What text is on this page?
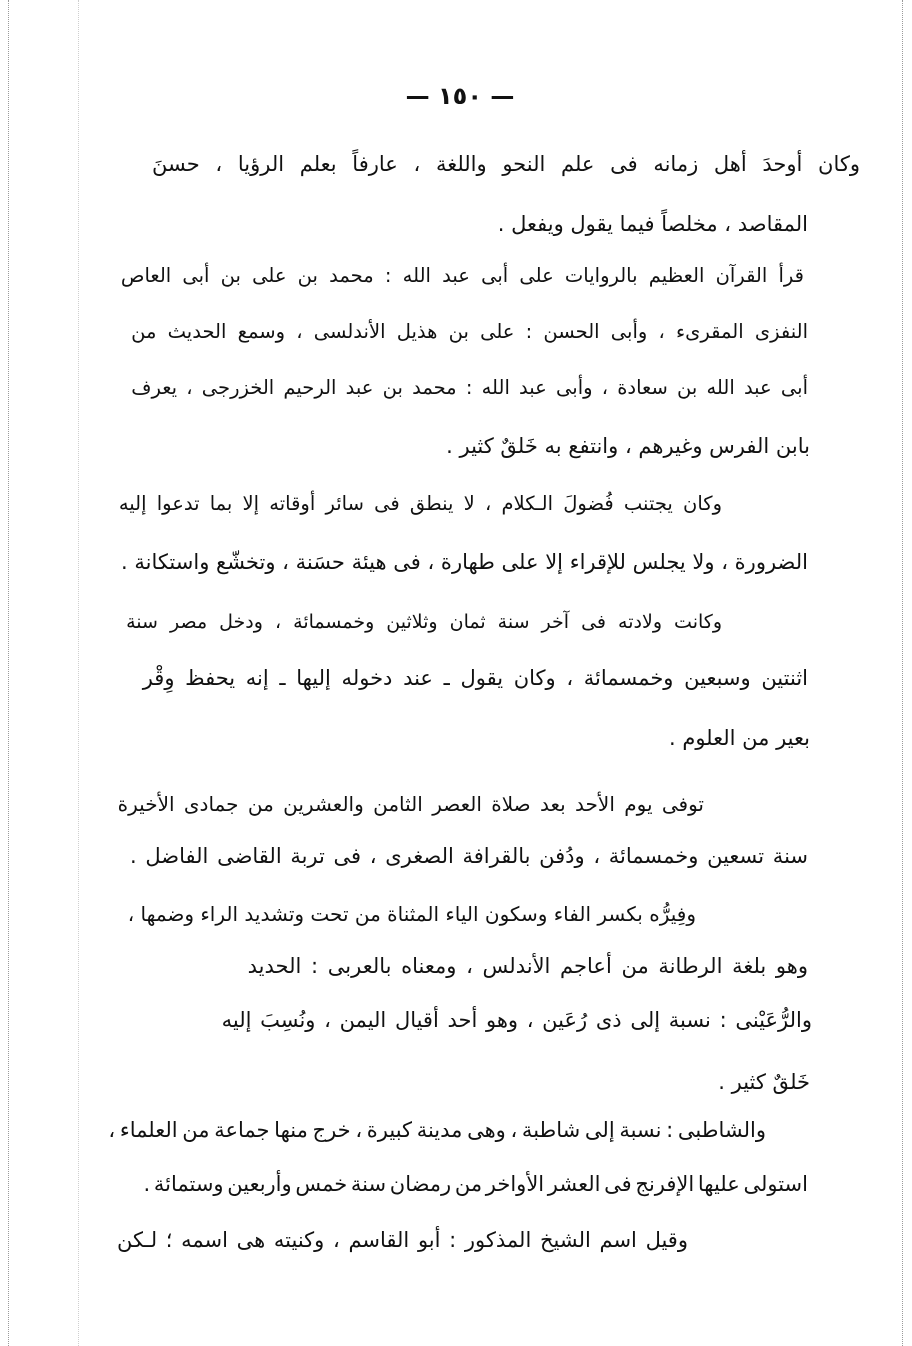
— ١٥٠ —
وكان أوحدَ أهل زمانه فى علم النحو واللغة ، عارفاً بعلم الرؤيا ، حسنَ
المقاصد ، مخلصاً فيما يقول ويفعل .
قرأ القرآن العظيم بالروايات على أبى عبد الله : محمد بن على بن أبى العاص
النفزى المقرىء ، وأبى الحسن : على بن هذيل الأندلسى ، وسمع الحديث من
أبى عبد الله بن سعادة ، وأبى عبد الله : محمد بن عبد الرحيم الخزرجى ، يعرف
بابن الفرس وغيرهم ، وانتفع به خَلقٌ كثير .
وكان يجتنب فُضولَ الـكلام ، لا ينطق فى سائر أوقاته إلا بما تدعوا إليه
الضرورة ، ولا يجلس للإقراء إلا على طهارة ، فى هيئة حسَنة ، وتخشّع واستكانة .
وكانت ولادته فى آخر سنة ثمان وثلاثين وخمسمائة ، ودخل مصر سنة
اثنتين وسبعين وخمسمائة ، وكان يقول ـ عند دخوله إليها ـ إنه يحفظ وِقْر
بعير من العلوم .
توفى يوم الأحد بعد صلاة العصر الثامن والعشرين من جمادى الأخيرة
سنة تسعين وخمسمائة ، ودُفن بالقرافة الصغرى ، فى تربة القاضى الفاضل .
وفِيرُّه بكسر الفاء وسكون الياء المثناة من تحت وتشديد الراء وضمها ،
وهو بلغة الرطانة من أعاجم الأندلس ، ومعناه بالعربى : الحديد
والرُّعَيْنى : نسبة إلى ذى رُعَين ، وهو أحد أقيال اليمن ، ونُسِبَ إليه
خَلقٌ كثير .
والشاطبى : نسبة إلى شاطبة ، وهى مدينة كبيرة ، خرج منها جماعة من العلماء ،
استولى عليها الإفرنج فى العشر الأواخر من رمضان سنة خمس وأربعين وستمائة .
وقيل اسم الشيخ المذكور : أبو القاسم ، وكنيته هى اسمه ؛ لـكن
